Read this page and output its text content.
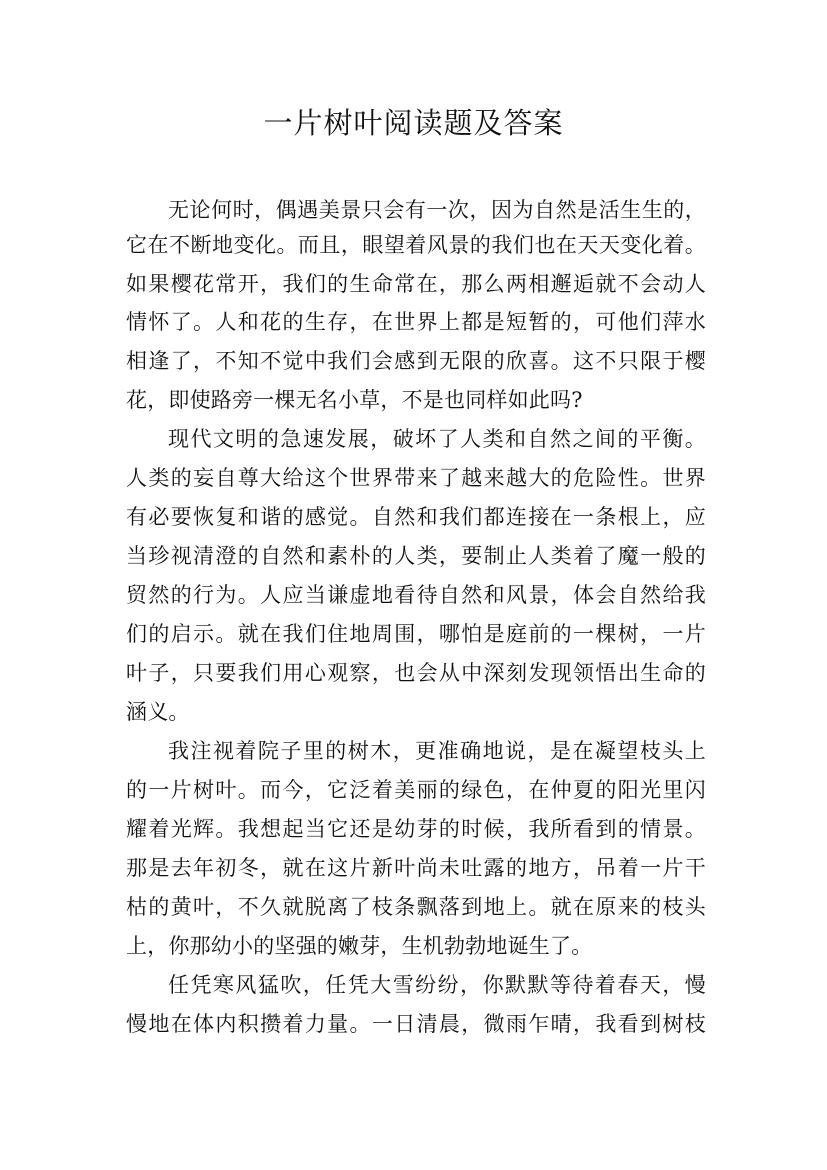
一片树叶阅读题及答案
无论何时，偶遇美景只会有一次，因为自然是活生生的，
它在不断地变化。而且，眼望着风景的我们也在天天变化着。
如果樱花常开，我们的生命常在，那么两相邂逅就不会动人
情怀了。人和花的生存，在世界上都是短暂的，可他们萍水
相逢了，不知不觉中我们会感到无限的欣喜。这不只限于樱
花，即使路旁一棵无名小草，不是也同样如此吗?
现代文明的急速发展，破坏了人类和自然之间的平衡。
人类的妄自尊大给这个世界带来了越来越大的危险性。世界
有必要恢复和谐的感觉。自然和我们都连接在一条根上，应
当珍视清澄的自然和素朴的人类，要制止人类着了魔一般的
贸然的行为。人应当谦虚地看待自然和风景，体会自然给我
们的启示。就在我们住地周围，哪怕是庭前的一棵树，一片
叶子，只要我们用心观察，也会从中深刻发现领悟出生命的
涵义。
我注视着院子里的树木，更准确地说，是在凝望枝头上
的一片树叶。而今，它泛着美丽的绿色，在仲夏的阳光里闪
耀着光辉。我想起当它还是幼芽的时候，我所看到的情景。
那是去年初冬，就在这片新叶尚未吐露的地方，吊着一片干
枯的黄叶，不久就脱离了枝条飘落到地上。就在原来的枝头
上，你那幼小的坚强的嫩芽，生机勃勃地诞生了。
任凭寒风猛吹，任凭大雪纷纷，你默默等待着春天，慢
慢地在体内积攒着力量。一日清晨，微雨乍晴，我看到树枝
